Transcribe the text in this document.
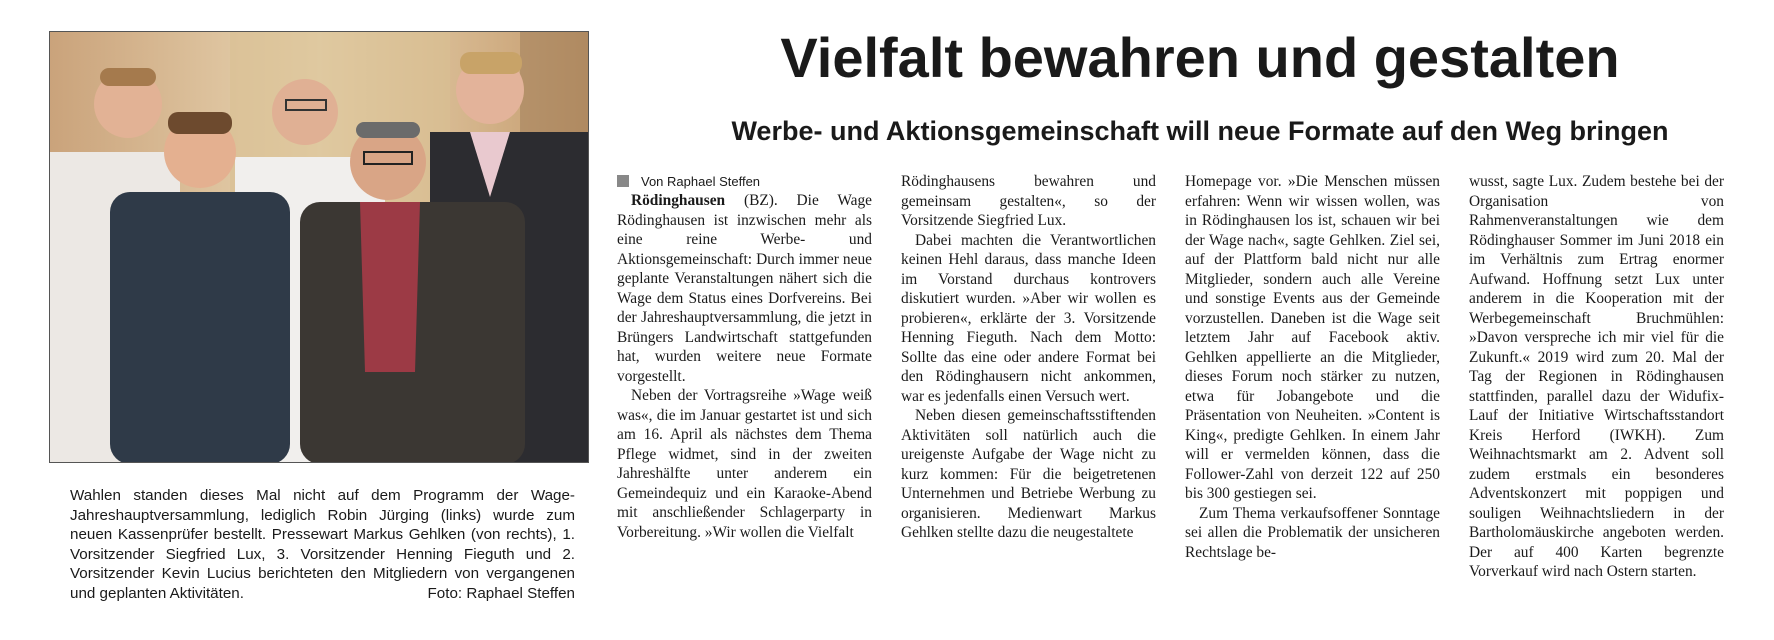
Wahlen standen dieses Mal nicht auf dem Programm der Wage-Jahreshauptversammlung, lediglich Robin Jürging (links) wurde zum neuen Kassenprüfer bestellt. Pressewart Markus Gehlken (von rechts), 1. Vorsitzender Siegfried Lux, 3. Vorsitzender Henning Fieguth und 2. Vorsitzender Kevin Lucius berichteten den Mitgliedern von vergangenen und geplanten Aktivitäten.	Foto: Raphael Steffen
Vielfalt bewahren und gestalten
Werbe- und Aktionsgemeinschaft will neue Formate auf den Weg bringen

Von Raphael Steffen

Rödinghausen (BZ). Die Wage Rödinghausen ist inzwischen mehr als eine reine Werbe- und Aktionsgemeinschaft: Durch immer neue geplante Veranstaltungen nähert sich die Wage dem Status eines Dorfvereins. Bei der Jahreshauptversammlung, die jetzt in Brüngers Landwirtschaft stattgefunden hat, wurden weitere neue Formate vorgestellt.

Neben der Vortragsreihe »Wage weiß was«, die im Januar gestartet ist und sich am 16. April als nächstes dem Thema Pflege widmet, sind in der zweiten Jahreshälfte unter anderem ein Gemeindequiz und ein Karaoke-Abend mit anschließender Schlagerparty in Vorbereitung. »Wir wollen die Vielfalt

Rödinghausens bewahren und gemeinsam gestalten«, so der Vorsitzende Siegfried Lux.

Dabei machten die Verantwortlichen keinen Hehl daraus, dass manche Ideen im Vorstand durchaus kontrovers diskutiert wurden. »Aber wir wollen es probieren«, erklärte der 3. Vorsitzende Henning Fieguth. Nach dem Motto: Sollte das eine oder andere Format bei den Rödinghausern nicht ankommen, war es jedenfalls einen Versuch wert.

Neben diesen gemeinschaftsstiftenden Aktivitäten soll natürlich auch die ureigenste Aufgabe der Wage nicht zu kurz kommen: Für die beigetretenen Unternehmen und Betriebe Werbung zu organisieren. Medienwart Markus Gehlken stellte dazu die neugestaltete

Homepage vor. »Die Menschen müssen erfahren: Wenn wir wissen wollen, was in Rödinghausen los ist, schauen wir bei der Wage nach«, sagte Gehlken. Ziel sei, auf der Plattform bald nicht nur alle Mitglieder, sondern auch alle Vereine und sonstige Events aus der Gemeinde vorzustellen. Daneben ist die Wage seit letztem Jahr auf Facebook aktiv. Gehlken appellierte an die Mitglieder, dieses Forum noch stärker zu nutzen, etwa für Jobangebote und die Präsentation von Neuheiten. »Content is King«, predigte Gehlken. In einem Jahr will er vermelden können, dass die Follower-Zahl von derzeit 122 auf 250 bis 300 gestiegen sei.

Zum Thema verkaufsoffener Sonntage sei allen die Problematik der unsicheren Rechtslage be-

wusst, sagte Lux. Zudem bestehe bei der Organisation von Rahmenveranstaltungen wie dem Rödinghauser Sommer im Juni 2018 ein im Verhältnis zum Ertrag enormer Aufwand. Hoffnung setzt Lux unter anderem in die Kooperation mit der Werbegemeinschaft Bruchmühlen: »Davon verspreche ich mir viel für die Zukunft.« 2019 wird zum 20. Mal der Tag der Regionen in Rödinghausen stattfinden, parallel dazu der Widufix-Lauf der Initiative Wirtschaftsstandort Kreis Herford (IWKH). Zum Weihnachtsmarkt am 2. Advent soll zudem erstmals ein besonderes Adventskonzert mit poppigen und souligen Weihnachtsliedern in der Bartholomäuskirche angeboten werden. Der auf 400 Karten begrenzte Vorverkauf wird nach Ostern starten.
